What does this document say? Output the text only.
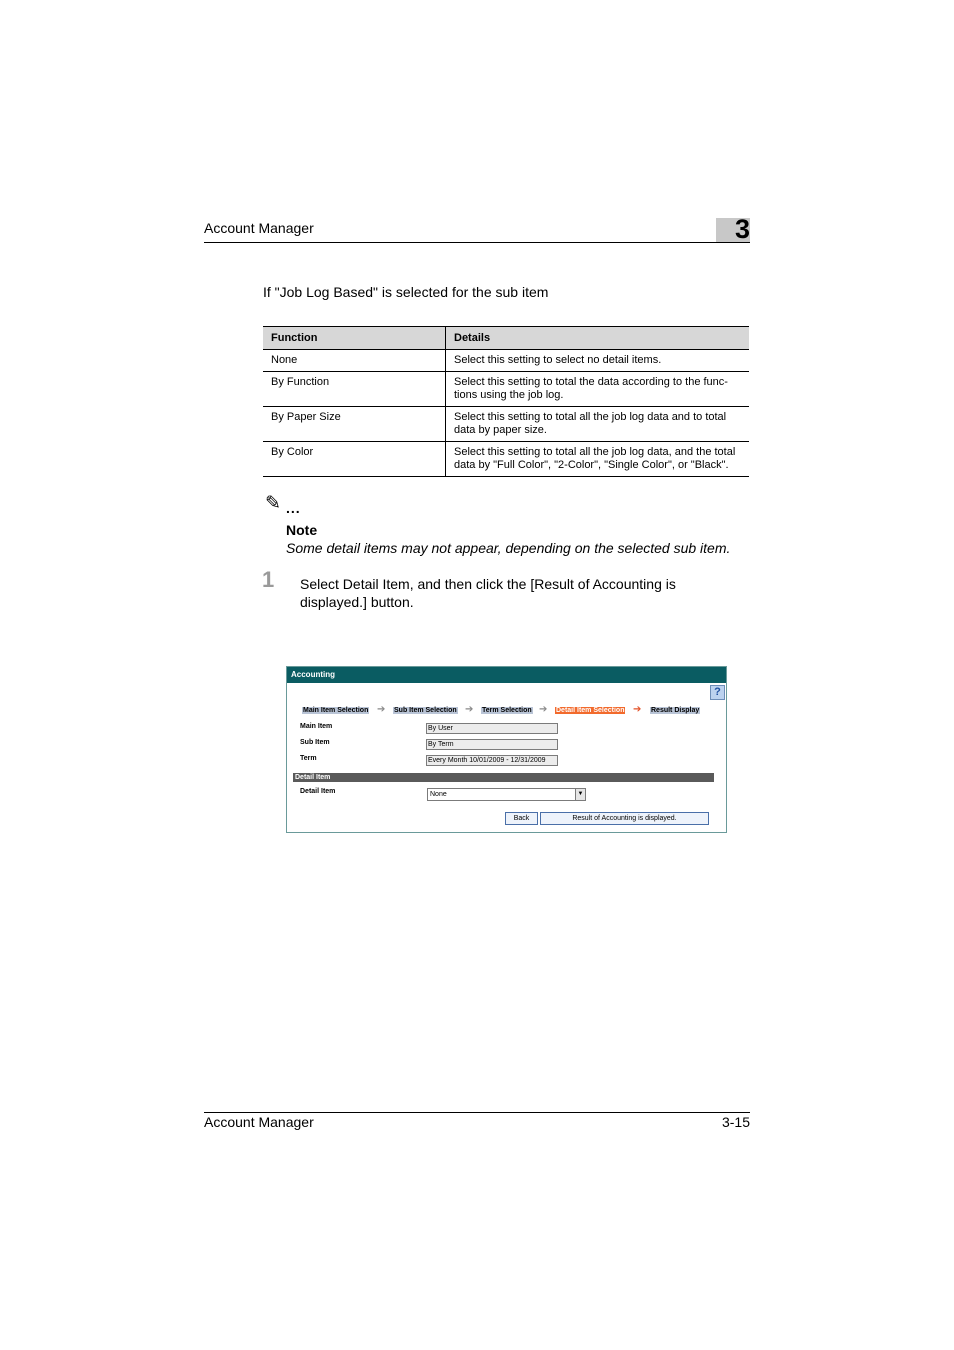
Account Manager	3
If "Job Log Based" is selected for the sub item
Function	Details
None	Select this setting to select no detail items.
By Function	Select this setting to total the data according to the func-tions using the job log.
By Paper Size	Select this setting to total all the job log data and to total data by paper size.
By Color	Select this setting to total all the job log data, and the total data by "Full Color", "2-Color", "Single Color", or "Black".
✎ ...
Note
Some detail items may not appear, depending on the selected sub item.
1 Select Detail Item, and then click the [Result of Accounting is displayed.] button.
Accounting
?
Main Item Selection ➔ Sub Item Selection ➔ Term Selection ➔ Detail Item Selection ➔ Result Display
Main Item	By User
Sub Item	By Term
Term	Every Month 10/01/2009 - 12/31/2009
Detail Item
Detail Item	None	▼
Back	Result of Accounting is displayed.
Account Manager	3-15
